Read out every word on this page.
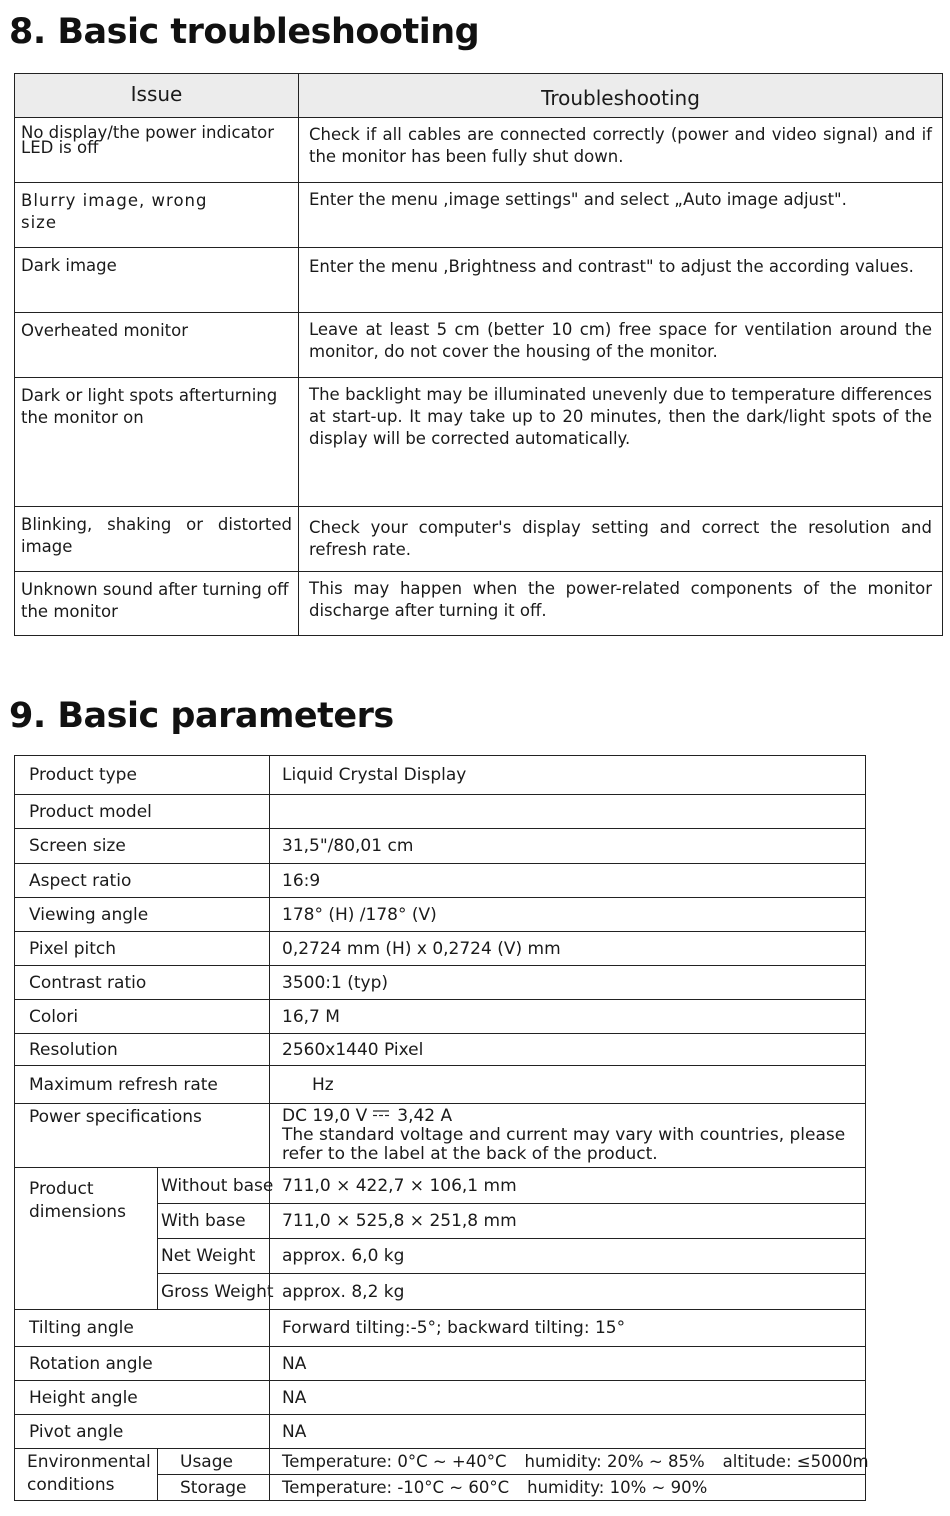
8. Basic troubleshooting
Issue	Troubleshooting
No display/the power indicator LED is off	Check if all cables are connected correctly (power and video signal) and if the monitor has been fully shut down.
Blurry image, wrong size	Enter the menu ,image settings" and select „Auto image adjust".
Dark image	Enter the menu ,Brightness and contrast" to adjust the according values.
Overheated monitor	Leave at least 5 cm (better 10 cm) free space for ventilation around the monitor, do not cover the housing of the monitor.
Dark or light spots afterturning the monitor on	The backlight may be illuminated unevenly due to temperature differences at start-up. It may take up to 20 minutes, then the dark/light spots of the display will be corrected automatically.
Blinking, shaking or distorted image	Check your computer's display setting and correct the resolution and refresh rate.
Unknown sound after turning off the monitor	This may happen when the power-related components of the monitor discharge after turning it off.
9. Basic parameters
Product type		Liquid Crystal Display
Product model		
Screen size		31,5"/80,01 cm
Aspect ratio		16:9
Viewing angle		178° (H) /178° (V)
Pixel pitch		0,2724 mm (H) x 0,2724 (V) mm
Contrast ratio		3500:1 (typ)
Colori		16,7 M
Resolution		2560x1440 Pixel
Maximum refresh rate		Hz
Power specifications		DC 19,0 V 3,42 A
The standard voltage and current may vary with countries, please refer to the label at the back of the product.
Product dimensions	Without base	711,0 × 422,7 × 106,1 mm
	With base	711,0 × 525,8 × 251,8 mm
	Net Weight	approx. 6,0 kg
	Gross Weight	approx. 8,2 kg
Tilting angle		Forward tilting:-5°; backward tilting: 15°
Rotation angle		NA
Height angle		NA
Pivot angle		NA
Environmental conditions	Usage	Temperature: 0°C ~ +40°C humidity: 20% ~ 85% altitude: ≤5000m
	Storage	Temperature: -10°C ~ 60°C humidity: 10% ~ 90%
